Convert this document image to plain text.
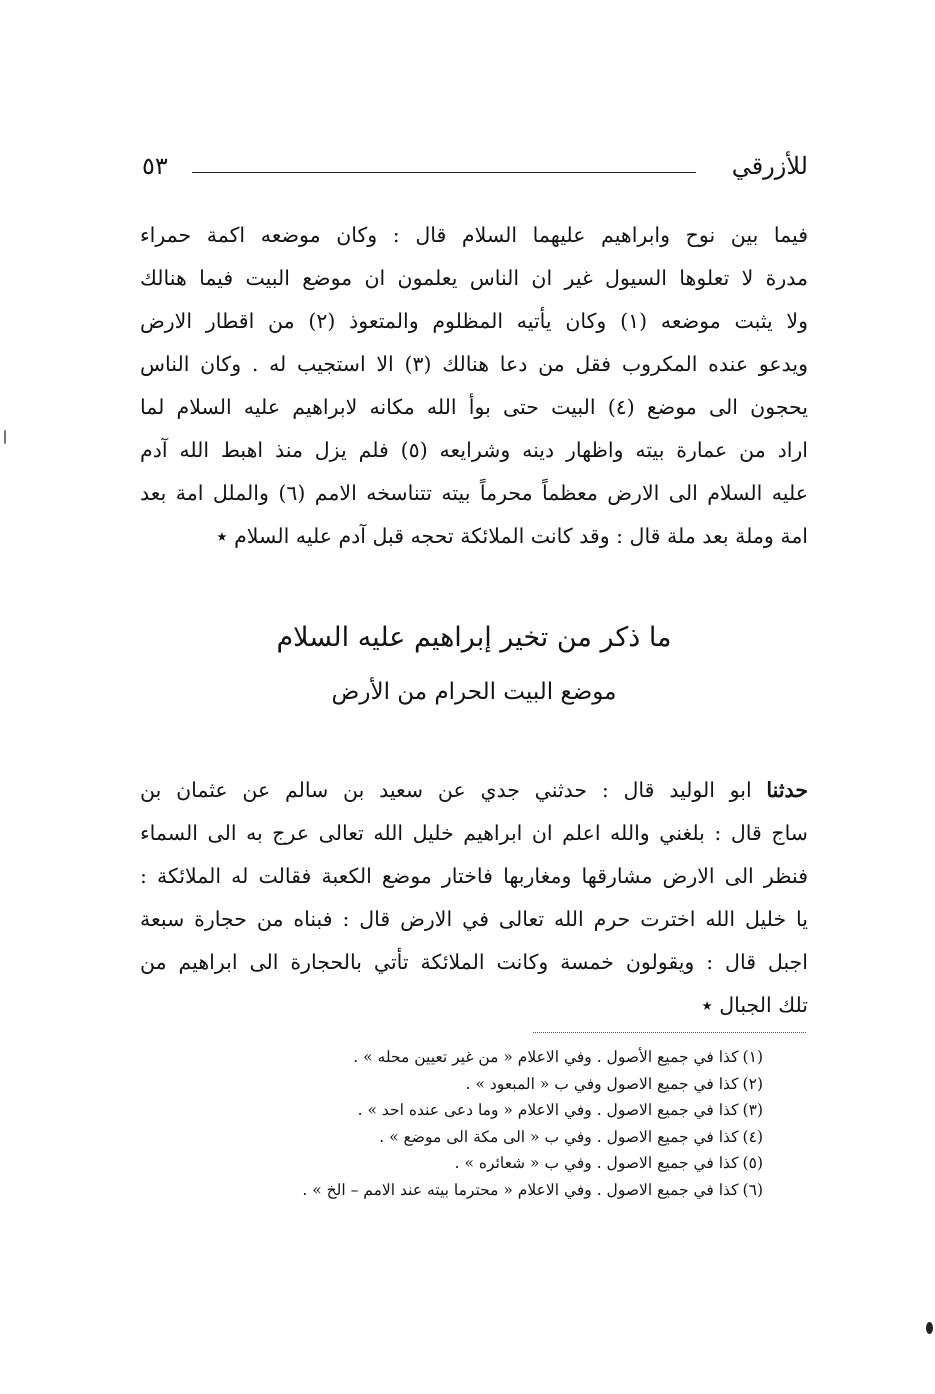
للأزرقي
٥٣
فيما بين نوح وابراهيم عليهما السلام قال : وكان موضعه اكمة حمراء
مدرة لا تعلوها السيول غير ان الناس يعلمون ان موضع البيت فيما هنالك
ولا يثبت موضعه (١) وكان يأتيه المظلوم والمتعوذ (٢) من اقطار الارض
ويدعو عنده المكروب فقل من دعا هنالك (٣) الا استجيب له . وكان الناس
يحجون الى موضع (٤) البيت حتى بوأ الله مكانه لابراهيم عليه السلام لما
اراد من عمارة بيته واظهار دينه وشرايعه (٥) فلم يزل منذ اهبط الله آدم
عليه السلام الى الارض معظماً محرماً بيته تتناسخه الامم (٦) والملل امة بعد
امة وملة بعد ملة قال : وقد كانت الملائكة تحجه قبل آدم عليه السلام ٭
ما ذكر من تخير إبراهيم عليه السلام
موضع البيت الحرام من الأرض
حدثنا ابو الوليد قال : حدثني جدي عن سعيد بن سالم عن عثمان بن
ساج قال : بلغني والله اعلم ان ابراهيم خليل الله تعالى عرج به الى السماء
فنظر الى الارض مشارقها ومغاربها فاختار موضع الكعبة فقالت له الملائكة :
يا خليل الله اخترت حرم الله تعالى في الارض قال : فبناه من حجارة سبعة
اجبل قال : ويقولون خمسة وكانت الملائكة تأتي بالحجارة الى ابراهيم من
تلك الجبال ٭
(١)كذا في جميع الأصول . وفي الاعلام « من غير تعيين محله » .
(٢)كذا في جميع الاصول وفي ب « المبعود » .
(٣)كذا في جميع الاصول . وفي الاعلام « وما دعى عنده احد » .
(٤)كذا في جميع الاصول . وفي ب « الى مكة الى موضع » .
(٥)كذا في جميع الاصول . وفي ب « شعائره » .
(٦)كذا في جميع الاصول . وفي الاعلام « محترما بيته عند الامم – الخ » .
